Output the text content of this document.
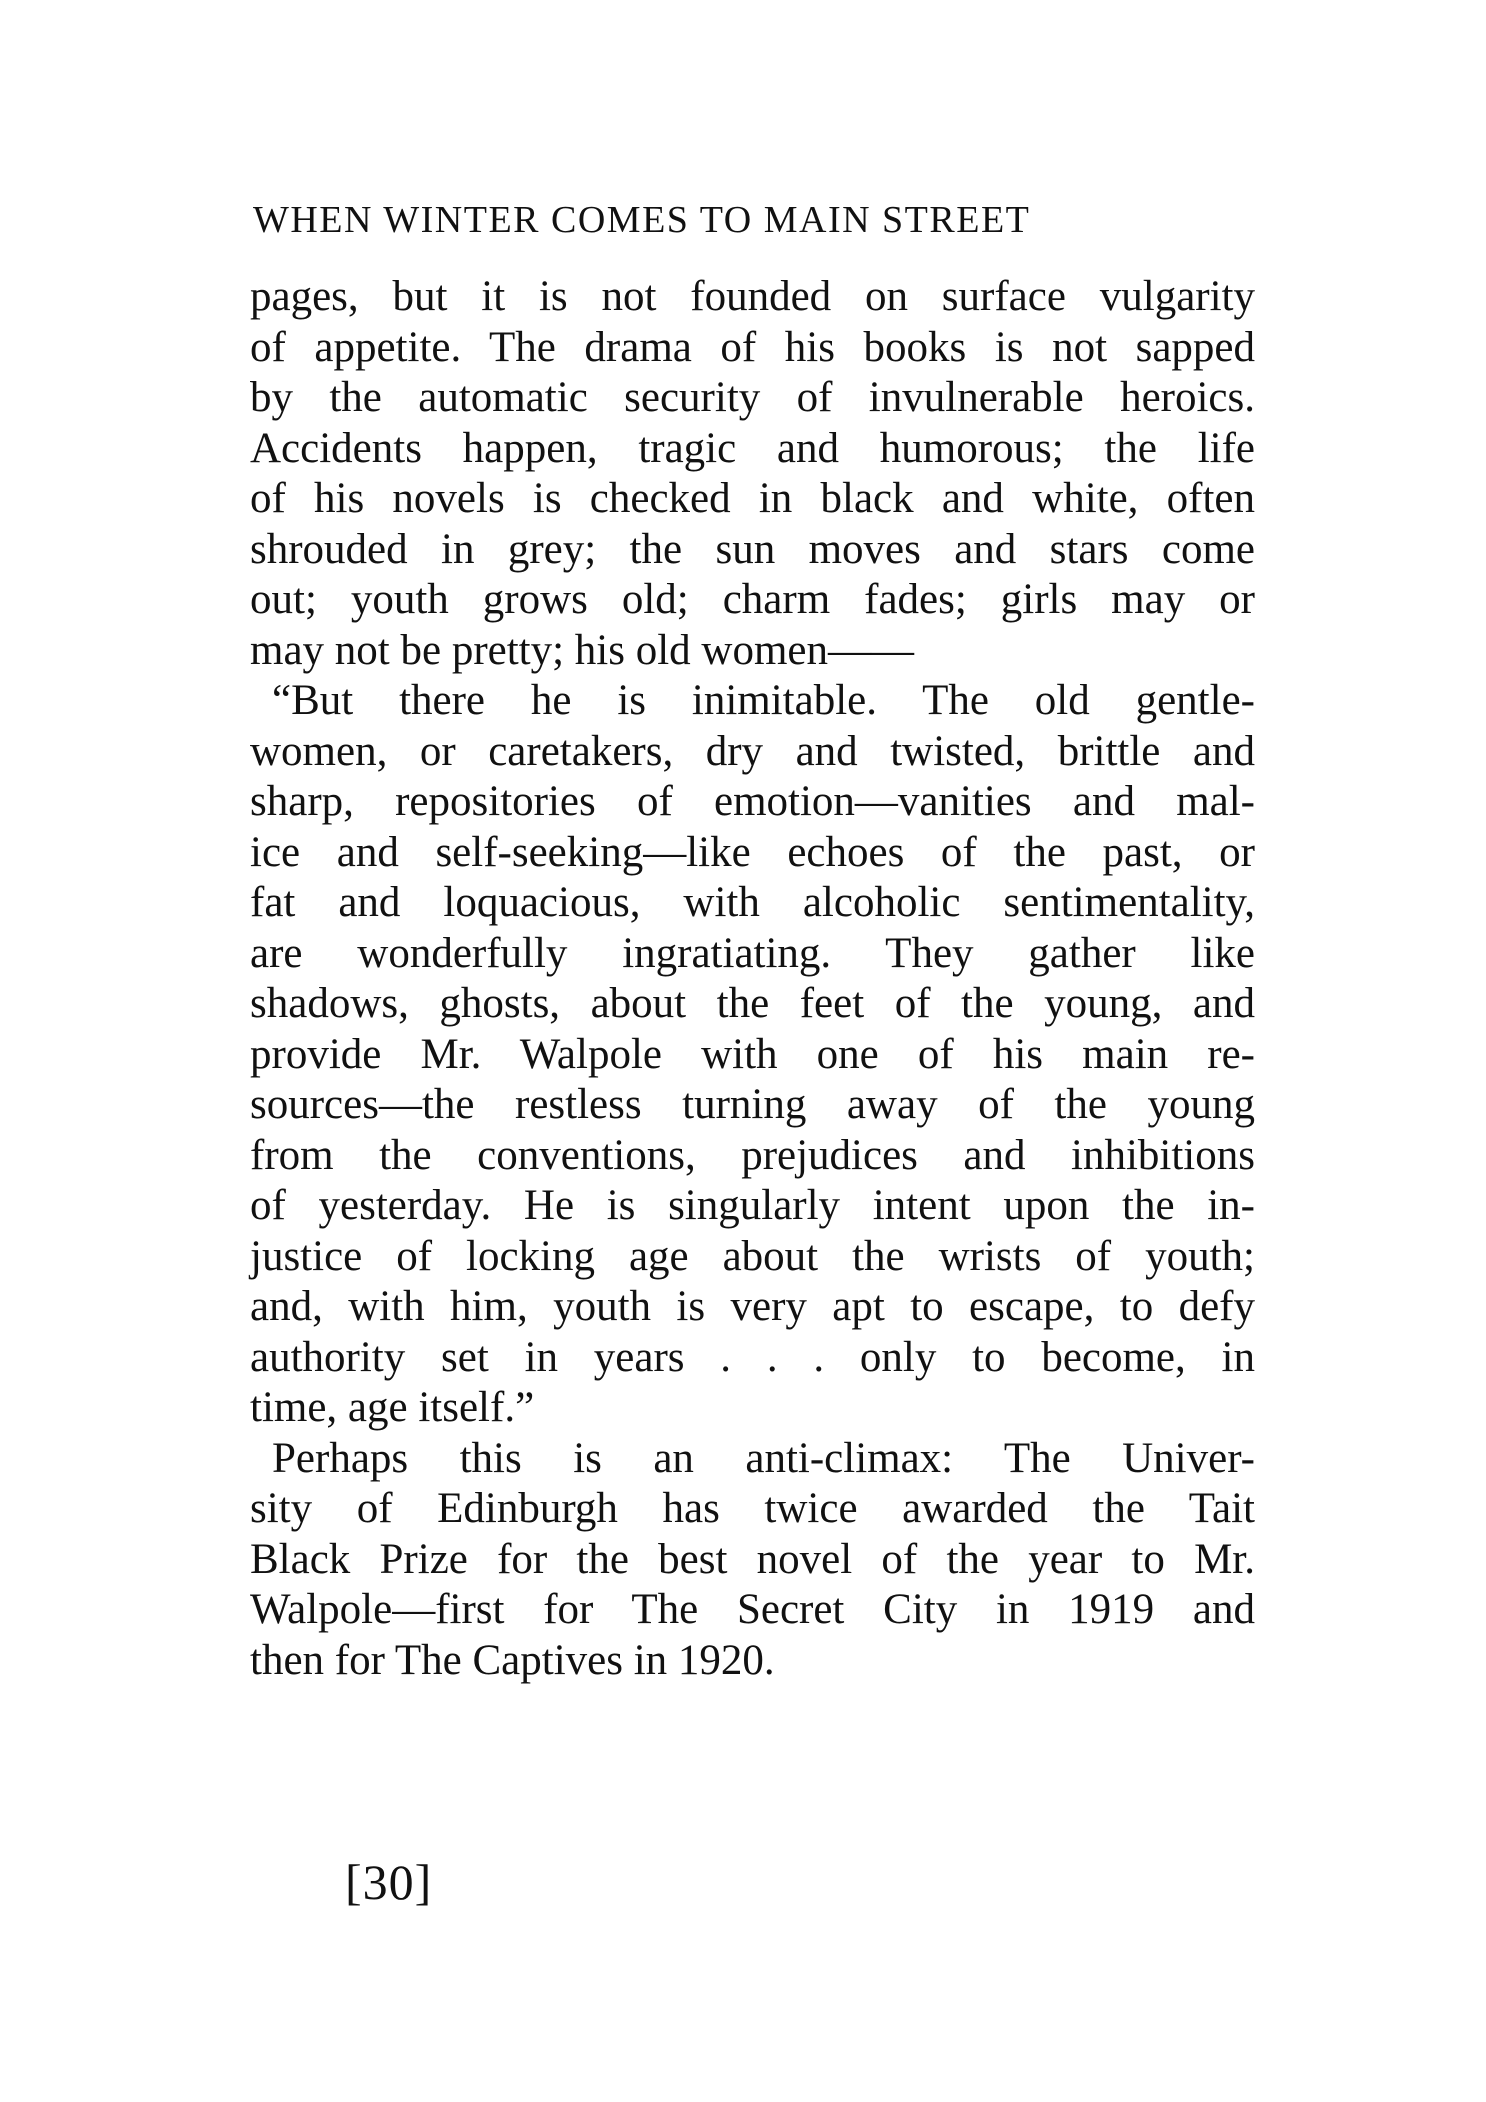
WHEN WINTER COMES TO MAIN STREET
pages, but it is not founded on surface vulgarity
of appetite. The drama of his books is not sapped
by the automatic security of invulnerable heroics.
Accidents happen, tragic and humorous; the life
of his novels is checked in black and white, often
shrouded in grey; the sun moves and stars come
out; youth grows old; charm fades; girls may or
may not be pretty; his old women——
“But there he is inimitable. The old gentle-
women, or caretakers, dry and twisted, brittle and
sharp, repositories of emotion—vanities and mal-
ice and self-seeking—like echoes of the past, or
fat and loquacious, with alcoholic sentimentality,
are wonderfully ingratiating. They gather like
shadows, ghosts, about the feet of the young, and
provide Mr. Walpole with one of his main re-
sources—the restless turning away of the young
from the conventions, prejudices and inhibitions
of yesterday. He is singularly intent upon the in-
justice of locking age about the wrists of youth;
and, with him, youth is very apt to escape, to defy
authority set in years . . . only to become, in
time, age itself.”
Perhaps this is an anti-climax: The Univer-
sity of Edinburgh has twice awarded the Tait
Black Prize for the best novel of the year to Mr.
Walpole—first for The Secret City in 1919 and
then for The Captives in 1920.
[30]
